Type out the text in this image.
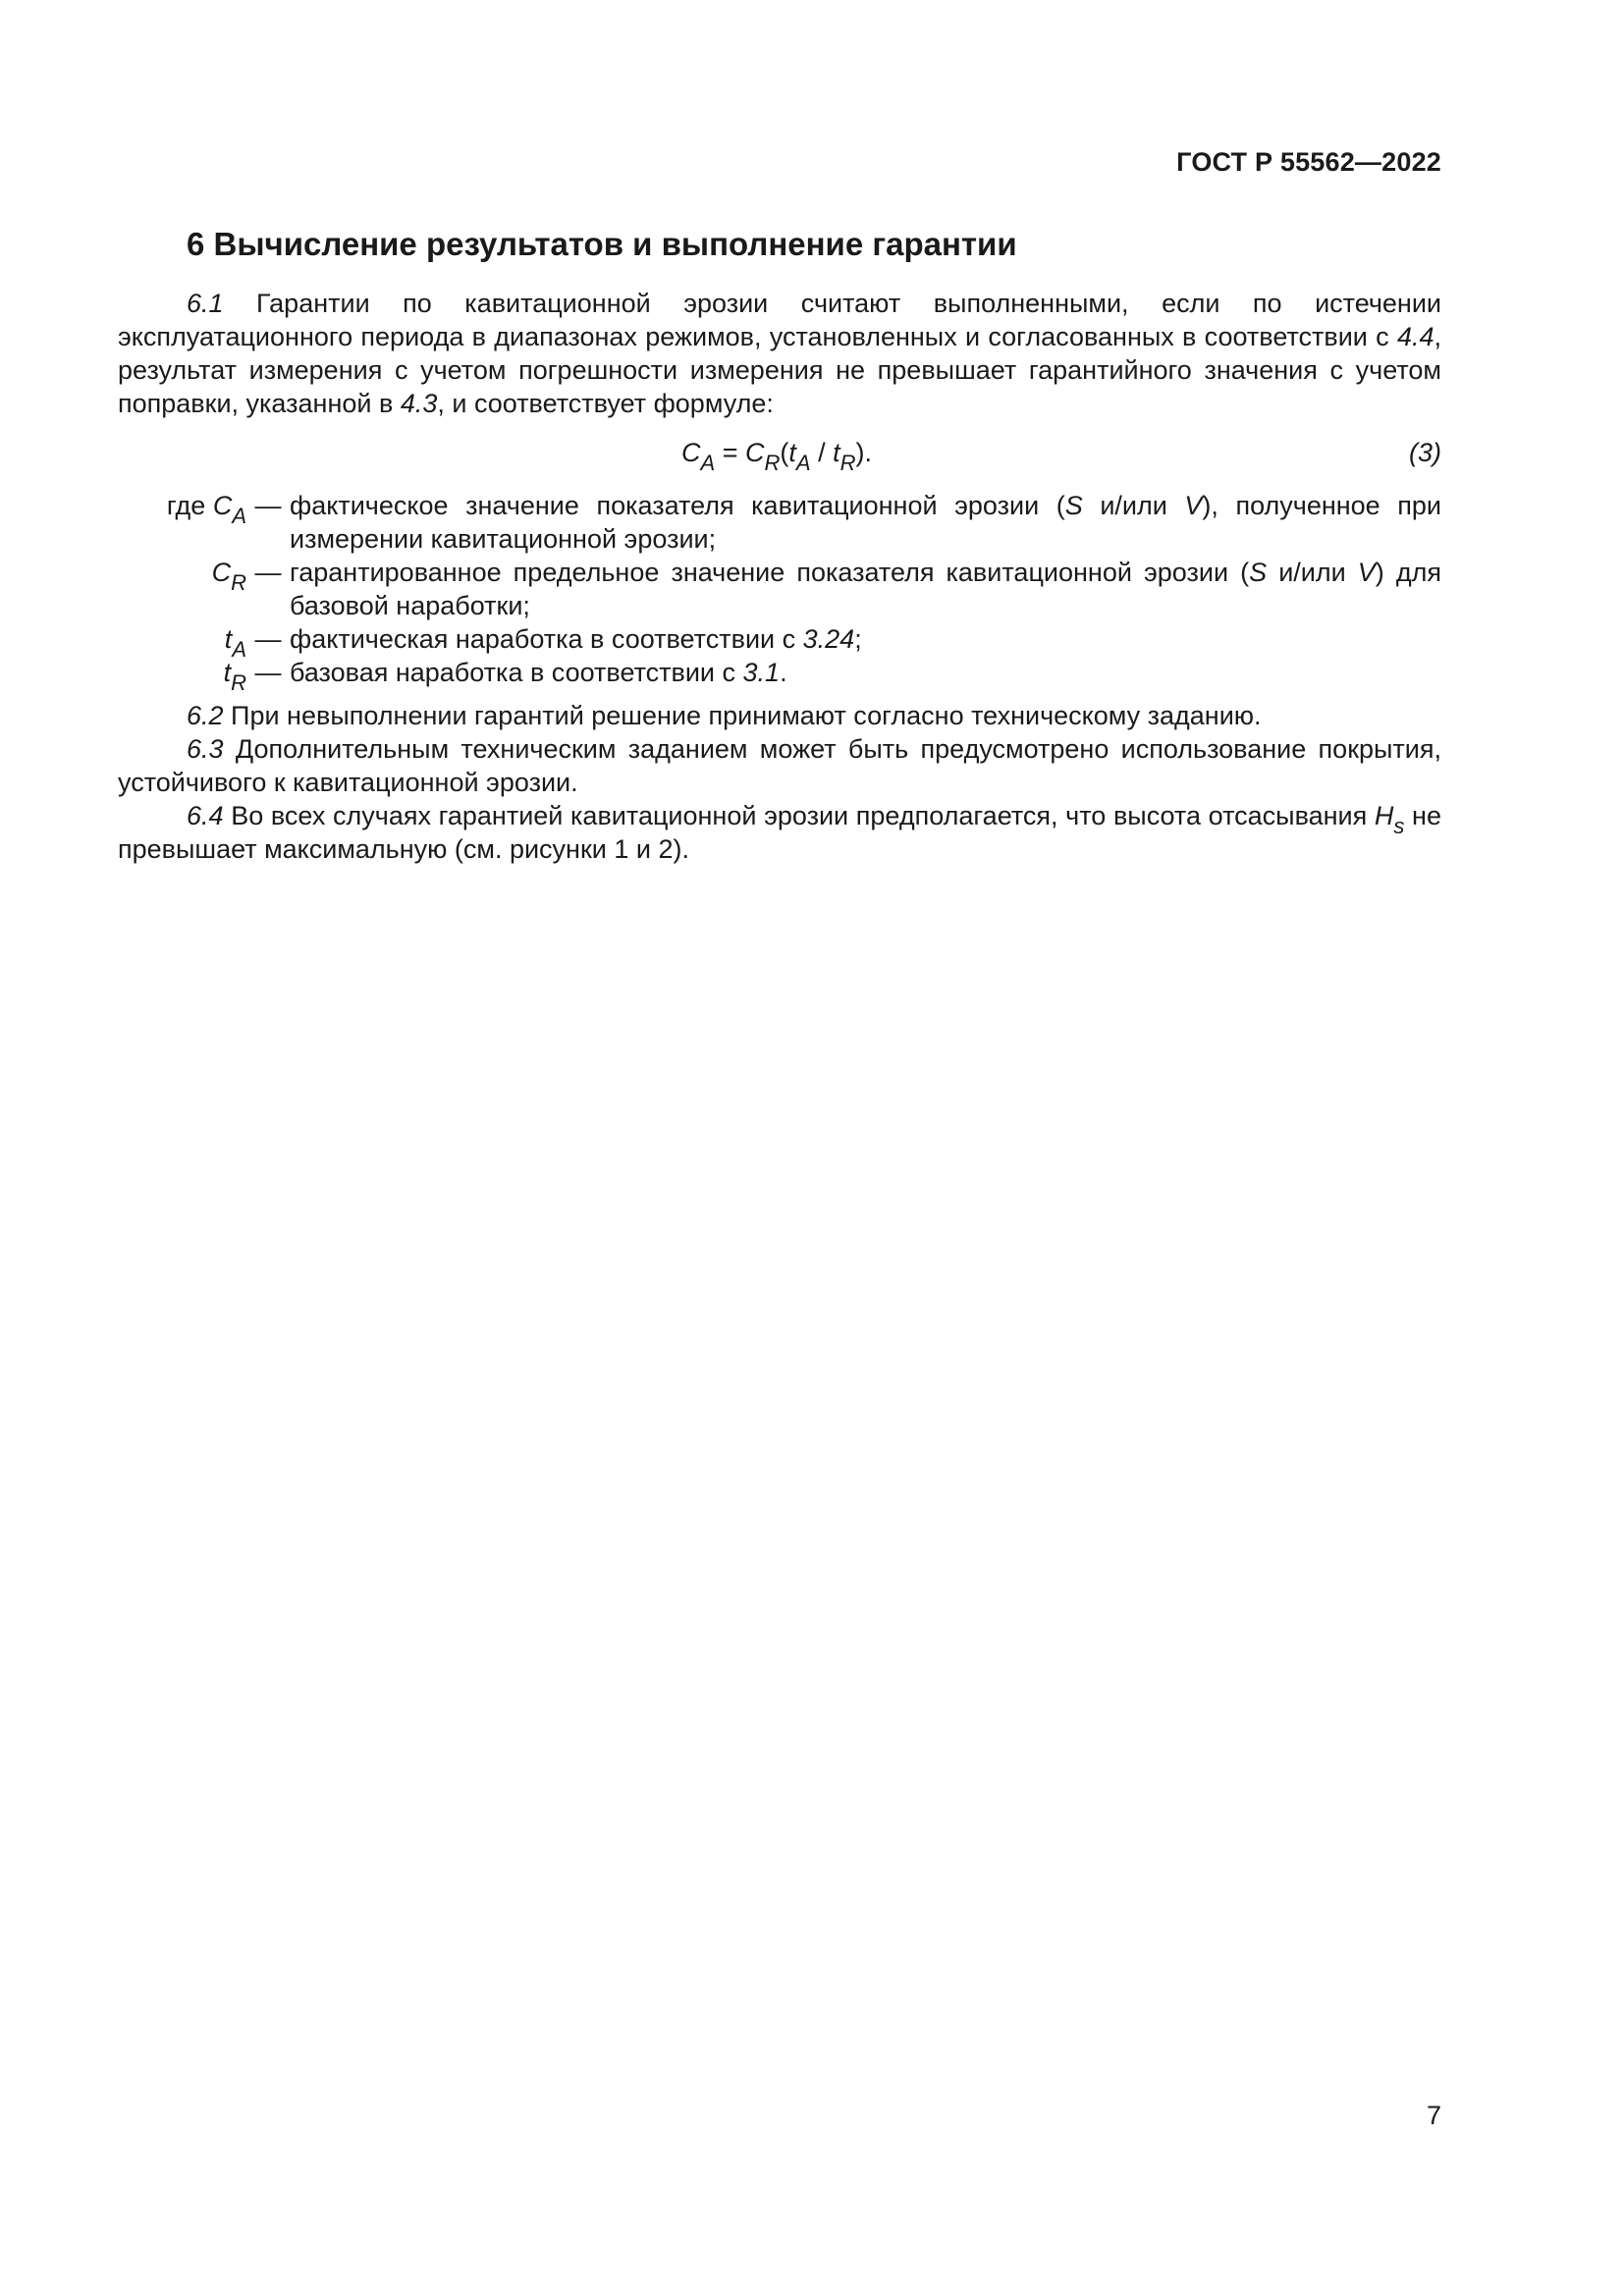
ГОСТ Р 55562—2022
6 Вычисление результатов и выполнение гарантии

6.1 Гарантии по кавитационной эрозии считают выполненными, если по истечении эксплуатационного периода в диапазонах режимов, установленных и согласованных в соответствии с 4.4, результат измерения с учетом погрешности измерения не превышает гарантийного значения с учетом поправки, указанной в 4.3, и соответствует формуле:

$C_A = C_R(t_A / t_R)$.	(3)
где $C_A$ — фактическое значение показателя кавитационной эрозии (S и/или V), полученное при измерении кавитационной эрозии;
$C_R$ — гарантированное предельное значение показателя кавитационной эрозии (S и/или V) для базовой наработки;
$t_A$ — фактическая наработка в соответствии с 3.24;
$t_R$ — базовая наработка в соответствии с 3.1.

6.2 При невыполнении гарантий решение принимают согласно техническому заданию.

6.3 Дополнительным техническим заданием может быть предусмотрено использование покрытия, устойчивого к кавитационной эрозии.

6.4 Во всех случаях гарантией кавитационной эрозии предполагается, что высота отсасывания $H_s$ не превышает максимальную (см. рисунки 1 и 2).

7
